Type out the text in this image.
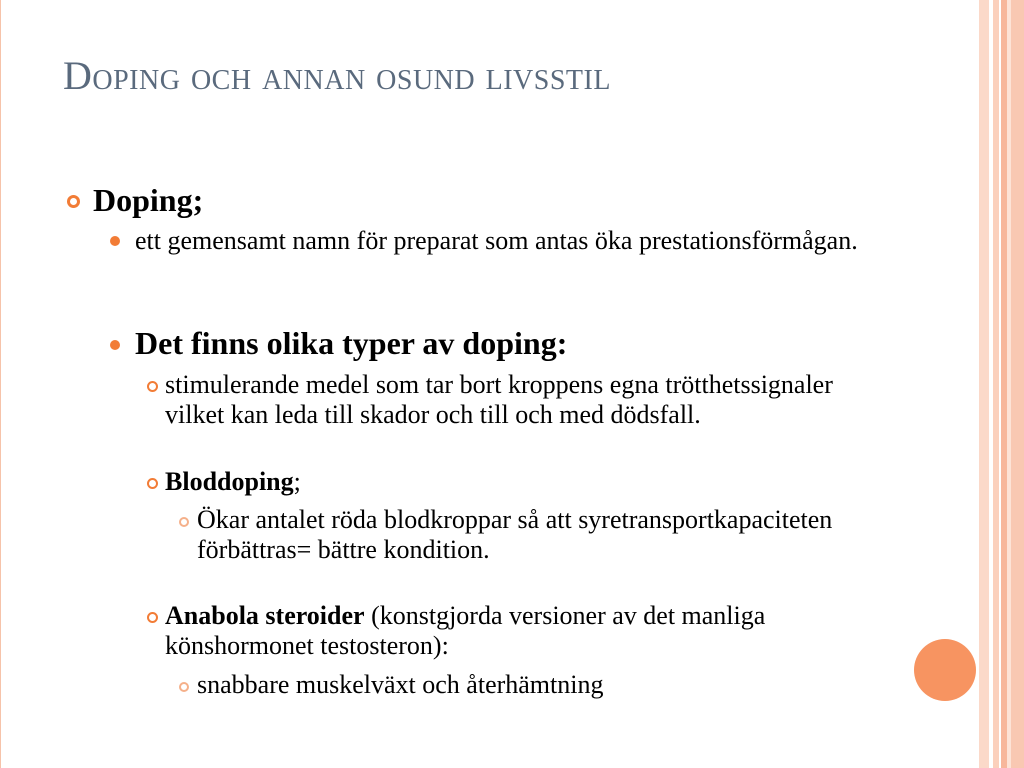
Doping och annan osund livsstil
Doping;
ett gemensamt namn för preparat som antas öka prestationsförmågan.
Det finns olika typer av doping:
stimulerande medel som tar bort kroppens egna trötthetssignaler vilket kan leda till skador och till och med dödsfall.
Bloddoping;
Ökar antalet röda blodkroppar så att syretransportkapaciteten förbättras= bättre kondition.
Anabola steroider (konstgjorda versioner av det manliga könshormonet testosteron):
snabbare muskelväxt och återhämtning
